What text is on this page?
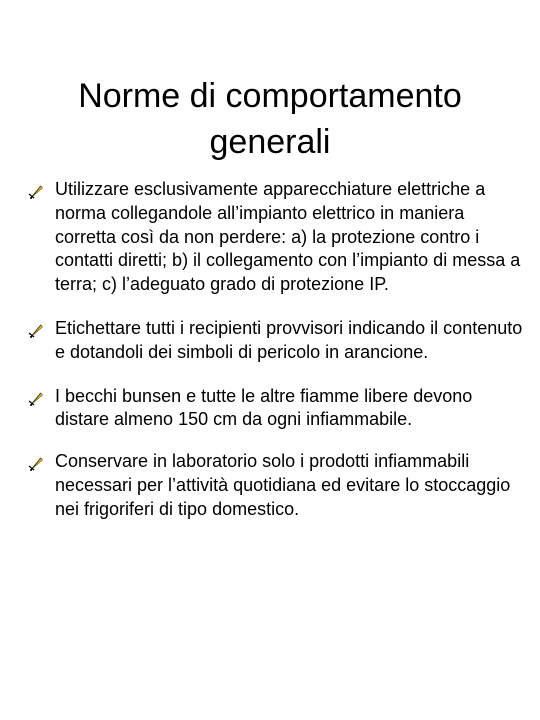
Norme di comportamento
generali
Utilizzare esclusivamente apparecchiature elettriche a norma collegandole all’impianto elettrico in maniera corretta così da non perdere: a) la protezione contro i contatti diretti; b) il collegamento con l’impianto di messa a terra; c) l’adeguato grado di protezione IP.
Etichettare tutti i recipienti provvisori indicando il contenuto e dotandoli dei simboli di pericolo in arancione.
I becchi bunsen e tutte le altre fiamme libere devono distare almeno 150 cm da ogni infiammabile.
Conservare in laboratorio solo i prodotti infiammabili necessari per l’attività quotidiana ed evitare lo stoccaggio nei frigoriferi di tipo domestico.
